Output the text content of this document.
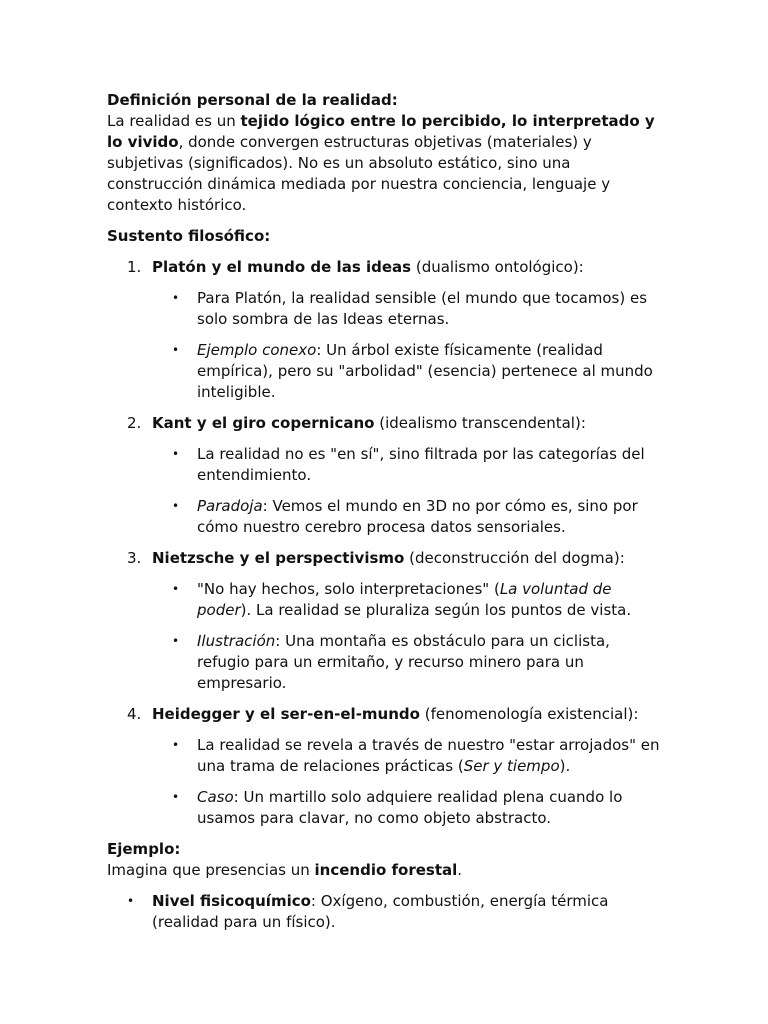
Definición personal de la realidad:

La realidad es un tejido lógico entre lo percibido, lo interpretado y lo vivido, donde convergen estructuras objetivas (materiales) y subjetivas (significados). No es un absoluto estático, sino una construcción dinámica mediada por nuestra conciencia, lenguaje y contexto histórico.

Sustento filosófico:

1. Platón y el mundo de las ideas (dualismo ontológico):

• Para Platón, la realidad sensible (el mundo que tocamos) es solo sombra de las Ideas eternas.

• Ejemplo conexo: Un árbol existe físicamente (realidad empírica), pero su "arbolidad" (esencia) pertenece al mundo inteligible.

2. Kant y el giro copernicano (idealismo transcendental):

• La realidad no es "en sí", sino filtrada por las categorías del entendimiento.

• Paradoja: Vemos el mundo en 3D no por cómo es, sino por cómo nuestro cerebro procesa datos sensoriales.

3. Nietzsche y el perspectivismo (deconstrucción del dogma):

• "No hay hechos, solo interpretaciones" (La voluntad de poder). La realidad se pluraliza según los puntos de vista.

• Ilustración: Una montaña es obstáculo para un ciclista, refugio para un ermitaño, y recurso minero para un empresario.

4. Heidegger y el ser-en-el-mundo (fenomenología existencial):

• La realidad se revela a través de nuestro "estar arrojados" en una trama de relaciones prácticas (Ser y tiempo).

• Caso: Un martillo solo adquiere realidad plena cuando lo usamos para clavar, no como objeto abstracto.

Ejemplo:

Imagina que presencias un incendio forestal.

• Nivel fisicoquímico: Oxígeno, combustión, energía térmica (realidad para un físico).
